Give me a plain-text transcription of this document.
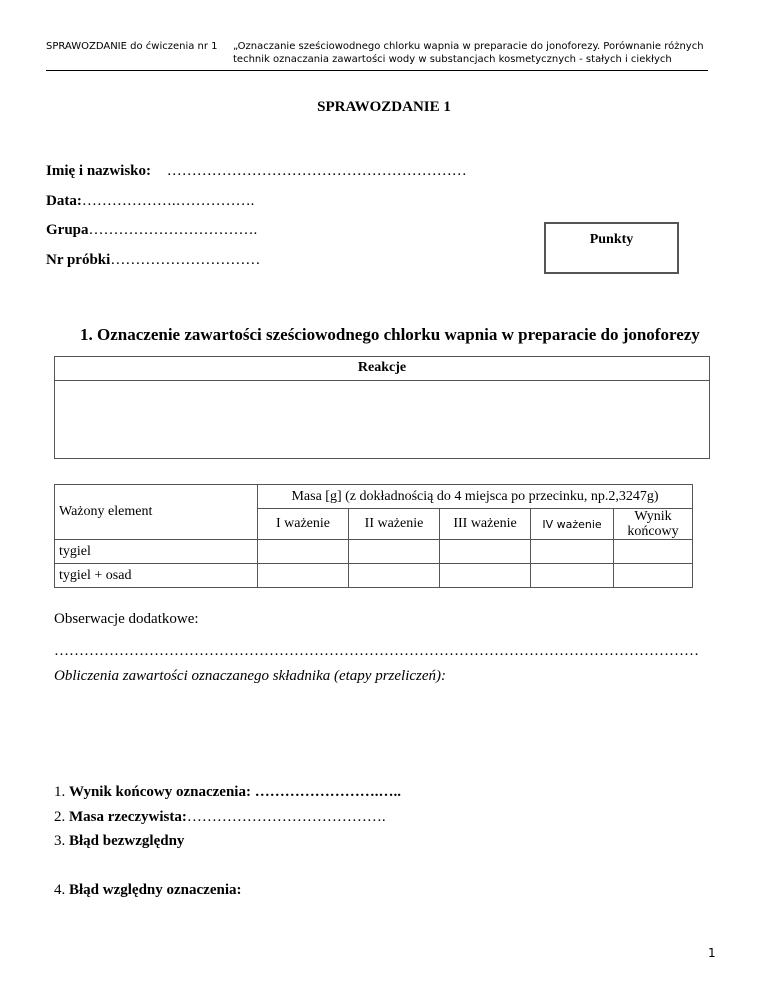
SPRAWOZDANIE do ćwiczenia nr 1 „Oznaczanie sześciowodnego chlorku wapnia w preparacie do jonoforezy. Porównanie różnych technik oznaczania zawartości wody w substancjach kosmetycznych - stałych i ciekłych
SPRAWOZDANIE 1
Imię i nazwisko: ……………………………………………………
Data:……………….…………….
Grupa…………………………….
Nr próbki…………………………
Punkty
1. Oznaczenie zawartości sześciowodnego chlorku wapnia w preparacie do jonoforezy
Reakcje
Ważony element	Masa [g] (z dokładnością do 4 miejsca po przecinku, np.2,3247g)				
	I ważenie	II ważenie	III ważenie	IV ważenie	Wynik końcowy
tygiel					
tygiel + osad					
Obserwacje dodatkowe:
…………………………………………………………………………………………………………………
Obliczenia zawartości oznaczanego składnika (etapy przeliczeń):
1. Wynik końcowy oznaczenia: …………………….…..
2. Masa rzeczywista:………………………………….
3. Błąd bezwzględny
4. Błąd względny oznaczenia:
1
